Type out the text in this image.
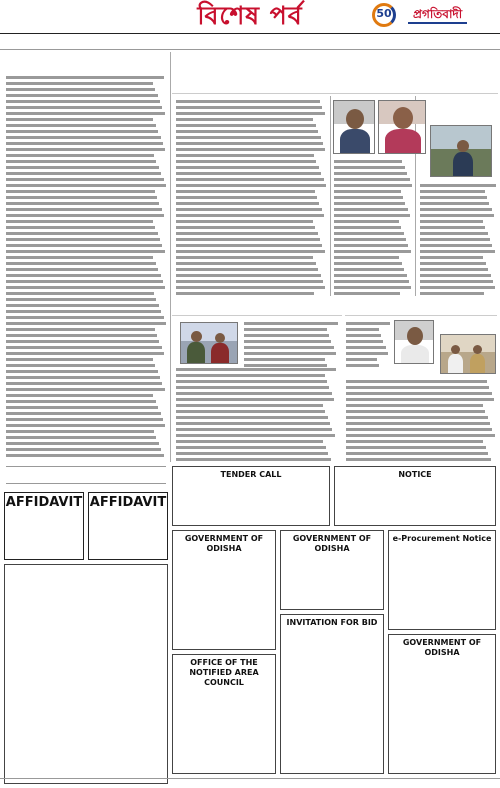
বিশেষ পর্ব	50	প্রগতিবাদী
AFFIDAVIT AFFIDAVIT
TENDER CALL	NOTICE
GOVERNMENT OF ODISHA
GOVERNMENT OF ODISHA
e-Procurement Notice
INVITATION FOR BID
OFFICE OF THE NOTIFIED AREA COUNCIL
GOVERNMENT OF ODISHA
